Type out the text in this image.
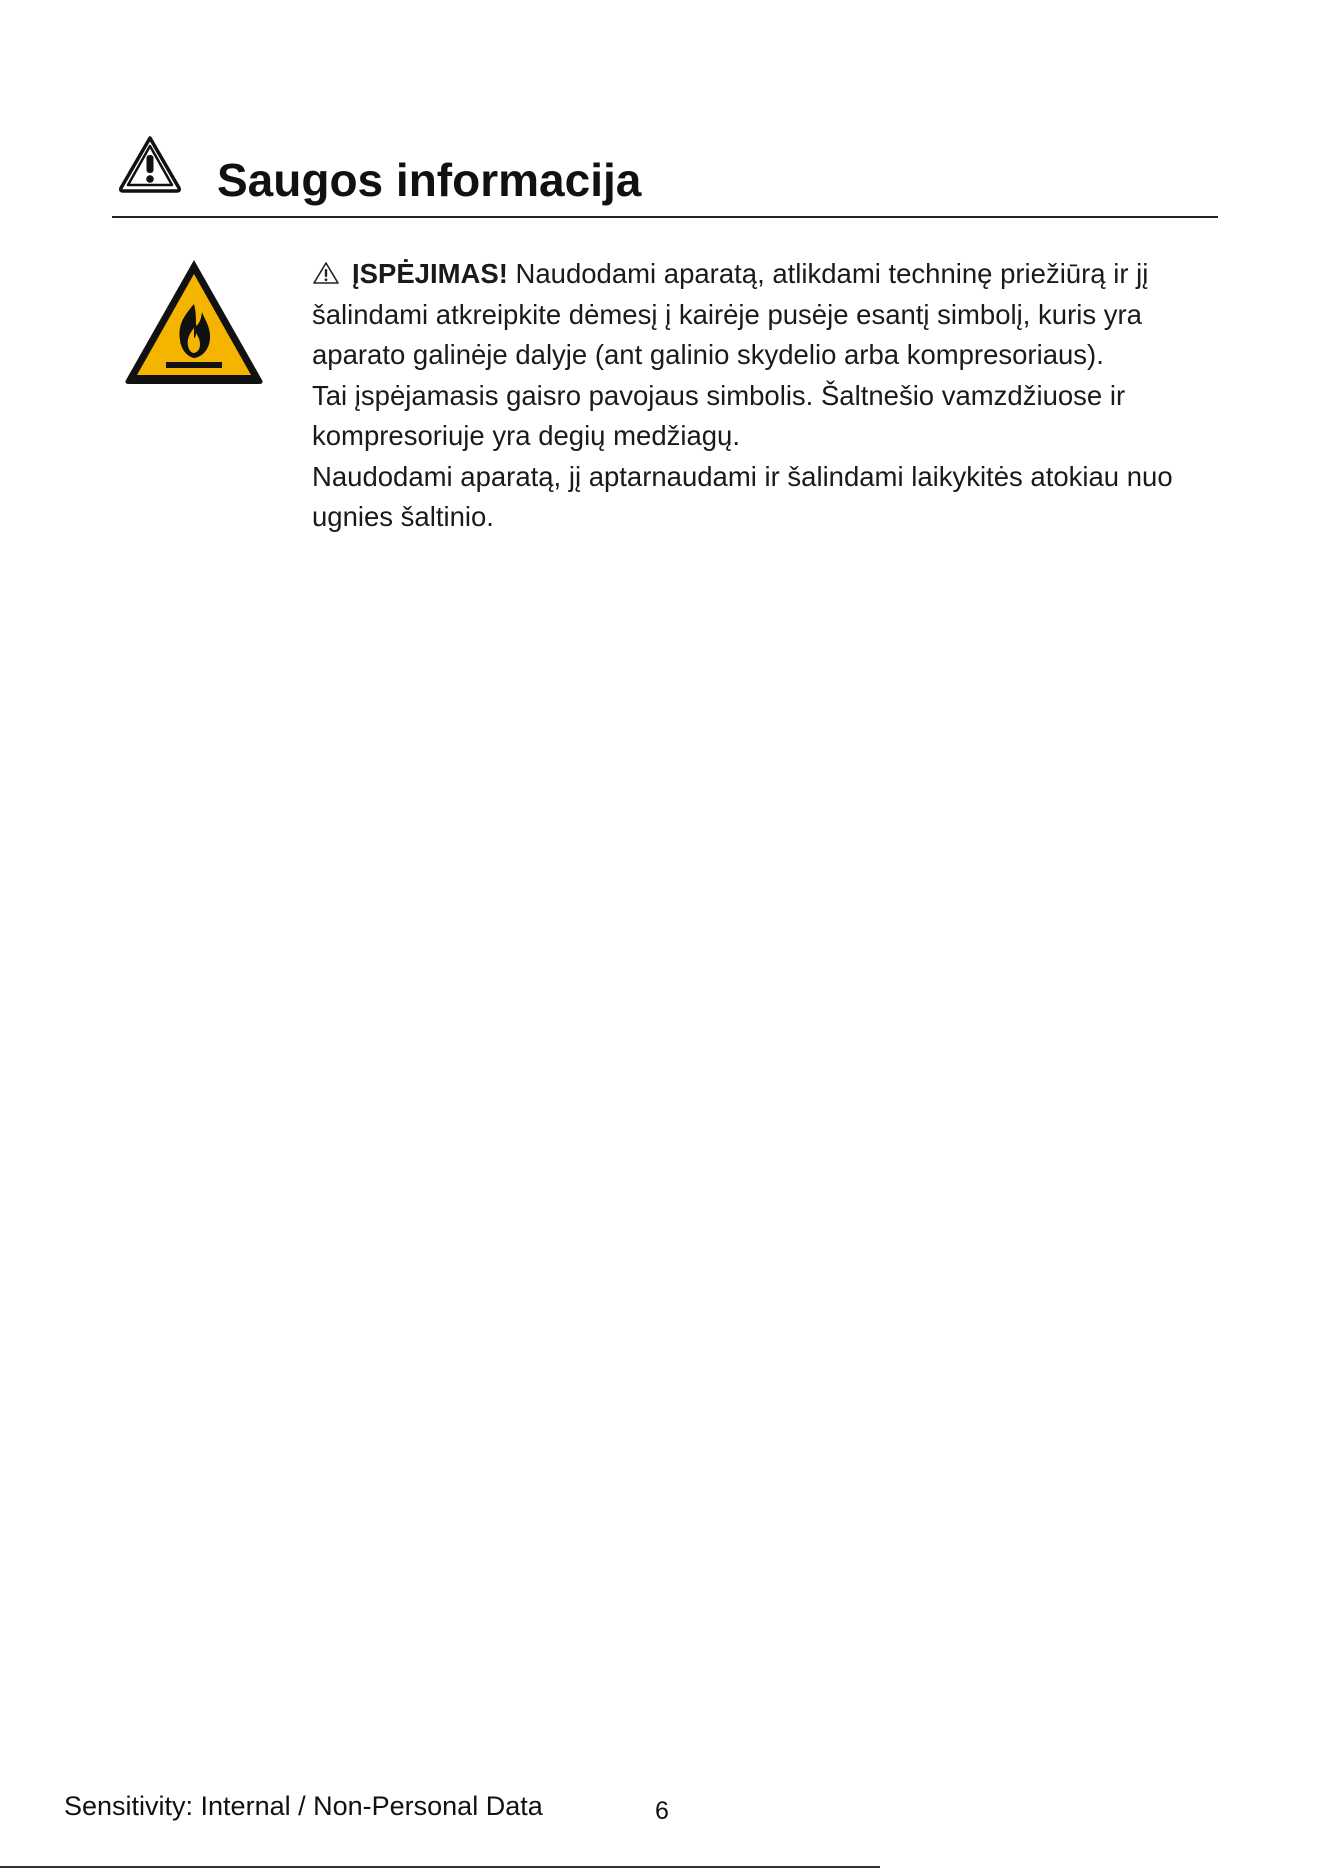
Saugos informacija

ĮSPĖJIMAS! Naudodami aparatą, atlikdami techninę priežiūrą ir jį šalindami atkreipkite dėmesį į kairėje pusėje esantį simbolį, kuris yra aparato galinėje dalyje (ant galinio skydelio arba kompresoriaus).

Tai įspėjamasis gaisro pavojaus simbolis. Šaltnešio vamzdžiuose ir kompresoriuje yra degių medžiagų.

Naudodami aparatą, jį aptarnaudami ir šalindami laikykitės atokiau nuo ugnies šaltinio.

Sensitivity: Internal / Non-Personal Data	6
